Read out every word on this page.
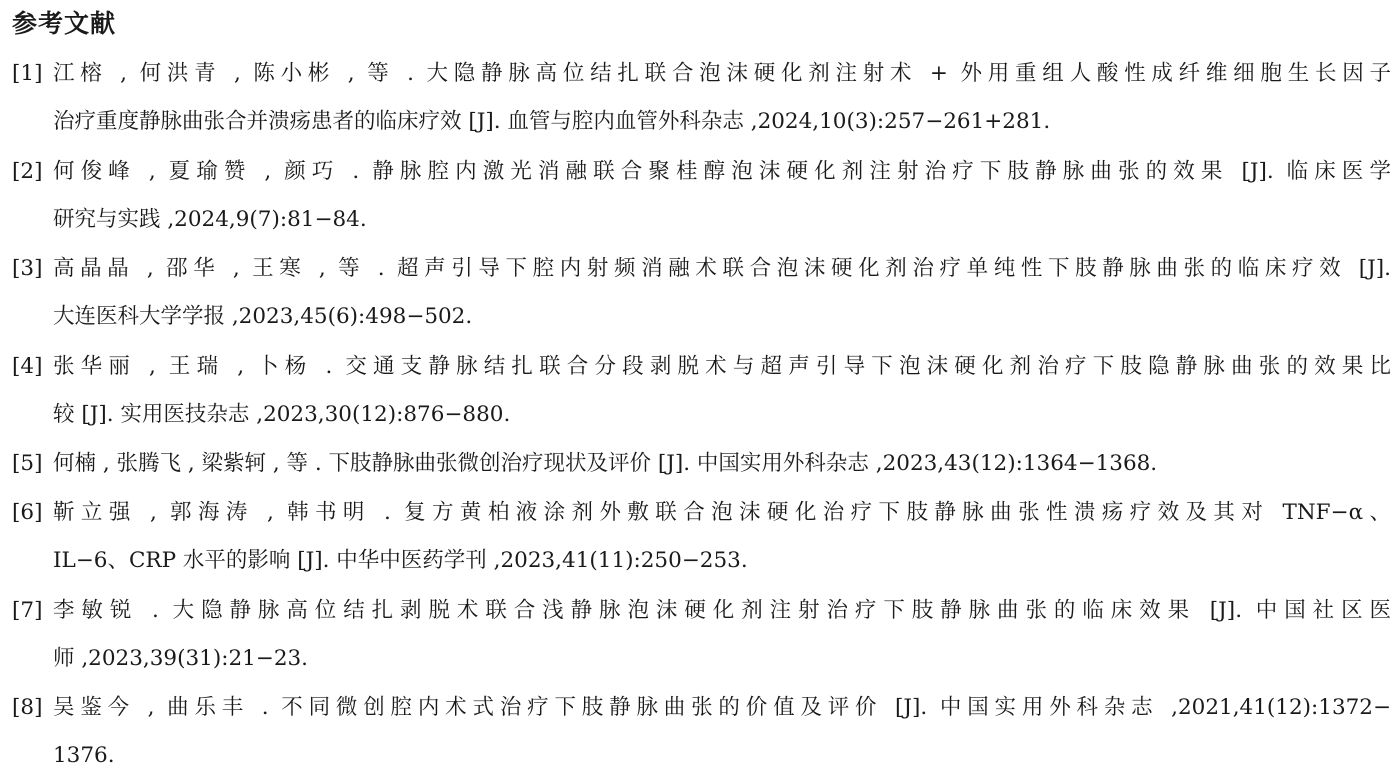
参考文献
[1] 江榕 , 何洪青 , 陈小彬 , 等 . 大隐静脉高位结扎联合泡沫硬化剂注射术 + 外用重组人酸性成纤维细胞生长因子
治疗重度静脉曲张合并溃疡患者的临床疗效 [J]. 血管与腔内血管外科杂志 ,2024,10(3):257−261+281.
[2] 何俊峰 , 夏瑜赞 , 颜巧 . 静脉腔内激光消融联合聚桂醇泡沫硬化剂注射治疗下肢静脉曲张的效果 [J]. 临床医学
研究与实践 ,2024,9(7):81−84.
[3] 高晶晶 , 邵华 , 王寒 , 等 . 超声引导下腔内射频消融术联合泡沫硬化剂治疗单纯性下肢静脉曲张的临床疗效 [J].
大连医科大学学报 ,2023,45(6):498−502.
[4] 张华丽 , 王瑞 , 卜杨 . 交通支静脉结扎联合分段剥脱术与超声引导下泡沫硬化剂治疗下肢隐静脉曲张的效果比
较 [J]. 实用医技杂志 ,2023,30(12):876−880.
[5] 何楠 , 张腾飞 , 梁紫轲 , 等 . 下肢静脉曲张微创治疗现状及评价 [J]. 中国实用外科杂志 ,2023,43(12):1364−1368.
[6] 靳立强 , 郭海涛 , 韩书明 . 复方黄柏液涂剂外敷联合泡沫硬化治疗下肢静脉曲张性溃疡疗效及其对 TNF−α、
IL−6、CRP 水平的影响 [J]. 中华中医药学刊 ,2023,41(11):250−253.
[7] 李敏锐 . 大隐静脉高位结扎剥脱术联合浅静脉泡沫硬化剂注射治疗下肢静脉曲张的临床效果 [J]. 中国社区医
师 ,2023,39(31):21−23.
[8] 吴鉴今 , 曲乐丰 . 不同微创腔内术式治疗下肢静脉曲张的价值及评价 [J]. 中国实用外科杂志 ,2021,41(12):1372−
1376.
